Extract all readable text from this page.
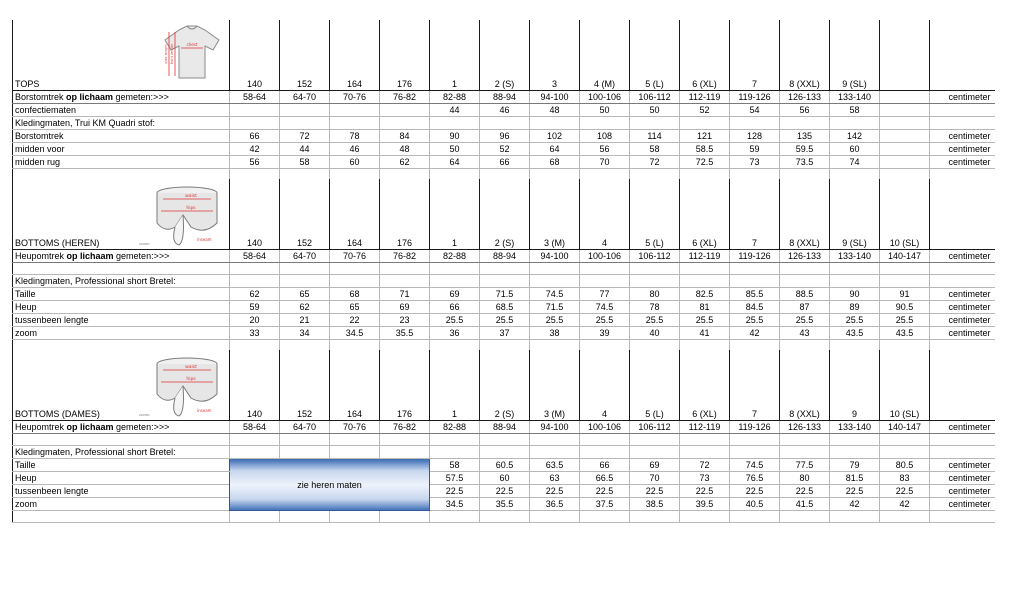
chest
side length front length
TOPS	140	152	164	176	1	2 (S)	3	4 (M)	5 (L)	6 (XL)	7	8 (XXL)	9 (SL)		
Borstomtrek op lichaam gemeten:>>>	58-64	64-70	70-76	76-82	82-88	88-94	94-100	100-106	106-112	112-119	119-126	126-133	133-140		centimeter
confectiematen					44	46	48	50	50	52	54	56	58		
Kledingmaten, Trui KM Quadri stof:															
Borstomtrek	66	72	78	84	90	96	102	108	114	121	128	135	142		centimeter
midden voor	42	44	46	48	50	52	64	56	58	58.5	59	59.5	60		centimeter
midden rug	56	58	60	62	64	66	68	70	72	72.5	73	73.5	74		centimeter

waist
hips
inseam
zoom
BOTTOMS (HEREN)	140	152	164	176	1	2 (S)	3 (M)	4	5 (L)	6 (XL)	7	8 (XXL)	9 (SL)	10 (SL)	
Heupomtrek op lichaam gemeten:>>>	58-64	64-70	70-76	76-82	82-88	88-94	94-100	100-106	106-112	112-119	119-126	126-133	133-140	140-147	centimeter

Kledingmaten, Professional short Bretel:															
Taille	62	65	68	71	69	71.5	74.5	77	80	82.5	85.5	88.5	90	91	centimeter
Heup	59	62	65	69	66	68.5	71.5	74.5	78	81	84.5	87	89	90.5	centimeter
tussenbeen lengte	20	21	22	23	25.5	25.5	25.5	25.5	25.5	25.5	25.5	25.5	25.5	25.5	centimeter
zoom	33	34	34.5	35.5	36	37	38	39	40	41	42	43	43.5	43.5	centimeter

waist
hips
inseam
zoom
BOTTOMS (DAMES)	140	152	164	176	1	2 (S)	3 (M)	4	5 (L)	6 (XL)	7	8 (XXL)	9	10 (SL)	
Heupomtrek op lichaam gemeten:>>>	58-64	64-70	70-76	76-82	82-88	88-94	94-100	100-106	106-112	112-119	119-126	126-133	133-140	140-147	centimeter

Kledingmaten, Professional short Bretel:															
Taille	zie heren maten				58	60.5	63.5	66	69	72	74.5	77.5	79	80.5	centimeter
Heup					57.5	60	63	66.5	70	73	76.5	80	81.5	83	centimeter
tussenbeen lengte					22.5	22.5	22.5	22.5	22.5	22.5	22.5	22.5	22.5	22.5	centimeter
zoom					34.5	35.5	36.5	37.5	38.5	39.5	40.5	41.5	42	42	centimeter
